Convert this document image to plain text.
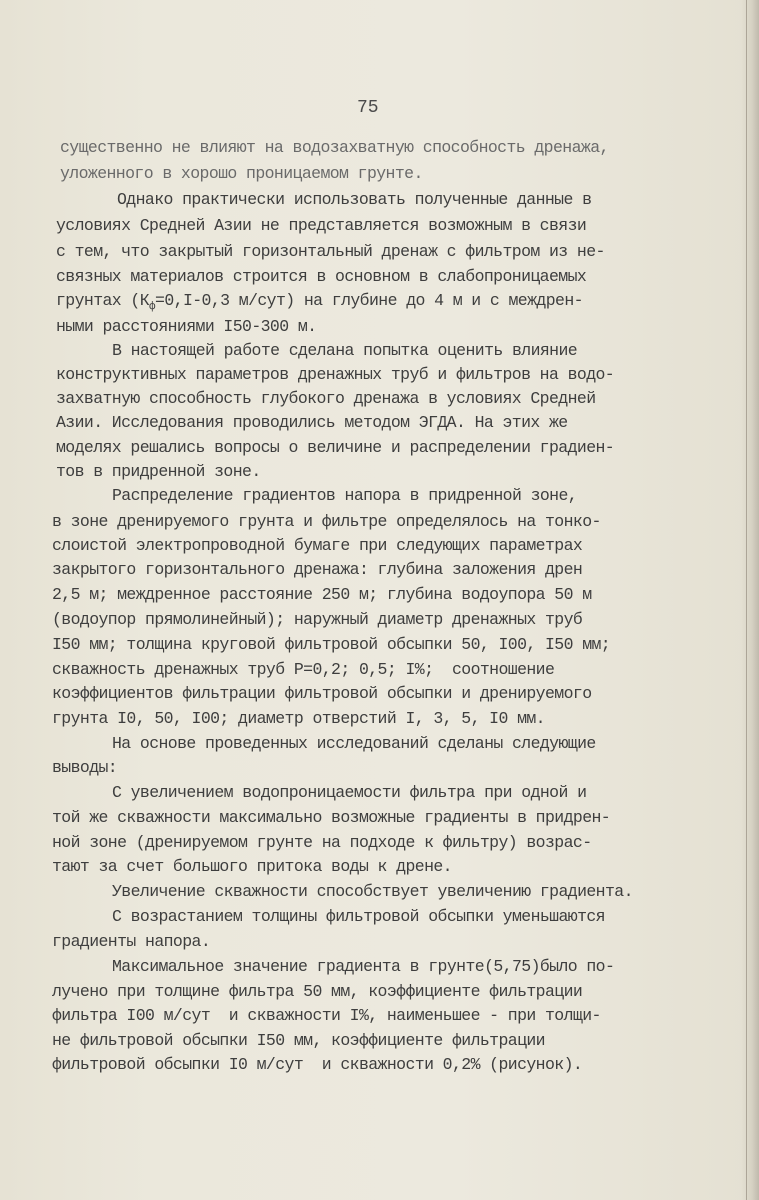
75
существенно не влияют на водозахватную способность дренажа,
уложенного в хорошо проницаемом грунте.
Однако практически использовать полученные данные в
условиях Средней Азии не представляется возможным в связи
с тем, что закрытый горизонтальный дренаж с фильтром из не-
связных материалов строится в основном в слабопроницаемых
грунтах ($К_ф=0,I-0,3$ м/сут) на глубине до 4 м и с междрен-
ными расстояниями I50-300 м.
В настоящей работе сделана попытка оценить влияние
конструктивных параметров дренажных труб и фильтров на водо-
захватную способность глубокого дренажа в условиях Средней
Азии. Исследования проводились методом ЭГДА. На этих же
моделях решались вопросы о величине и распределении градиен-
тов в придренной зоне.
Распределение градиентов напора в придренной зоне,
в зоне дренируемого грунта и фильтре определялось на тонко-
слоистой электропроводной бумаге при следующих параметрах
закрытого горизонтального дренажа: глубина заложения дрен
2,5 м; междренное расстояние 250 м; глубина водоупора 50 м
(водоупор прямолинейный); наружный диаметр дренажных труб
I50 мм; толщина круговой фильтровой обсыпки 50, I00, I50 мм;
скважность дренажных труб Р=0,2; 0,5; I%;  соотношение
коэффициентов фильтрации фильтровой обсыпки и дренируемого
грунта I0, 50, I00; диаметр отверстий I, 3, 5, I0 мм.
На основе проведенных исследований сделаны следующие
выводы:
С увеличением водопроницаемости фильтра при одной и
той же скважности максимально возможные градиенты в придрен-
ной зоне (дренируемом грунте на подходе к фильтру) возрас-
тают за счет большого притока воды к дрене.
Увеличение скважности способствует увеличению градиента.
С возрастанием толщины фильтровой обсыпки уменьшаются
градиенты напора.
Максимальное значение градиента в грунте(5,75)было по-
лучено при толщине фильтра 50 мм, коэффициенте фильтрации
фильтра I00 м/сут  и скважности I%, наименьшее - при толщи-
не фильтровой обсыпки I50 мм, коэффициенте фильтрации
фильтровой обсыпки I0 м/сут  и скважности 0,2% (рисунок).
